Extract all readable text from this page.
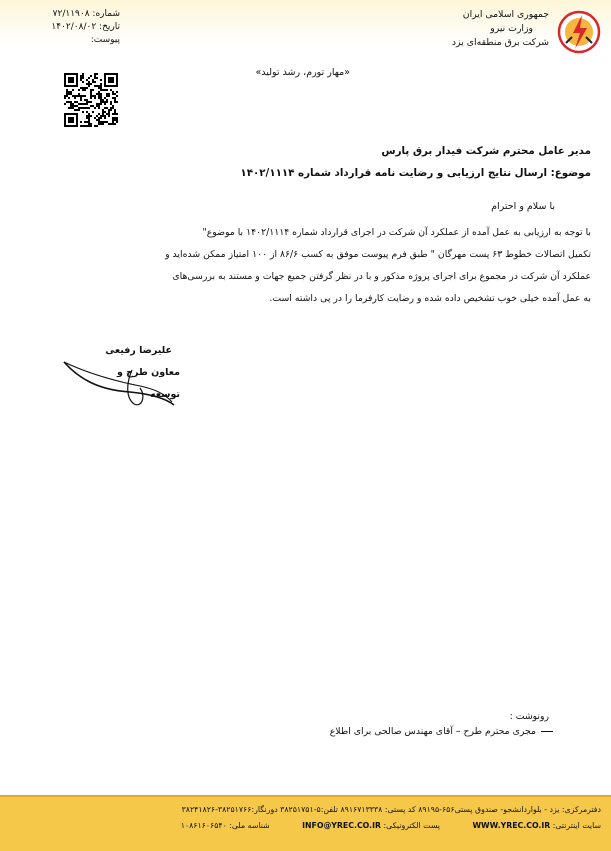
جمهوری اسلامی ایران
وزارت نیرو
شرکت برق منطقه‌ای یزد
شماره: ۷۲/۱۱۹۰۸
تاریخ: ۱۴۰۲/۰۸/۰۲
پیوست:
«مهار تورم، رشد تولید»
مدیر عامل محترم شرکت فیدار برق پارس
موضوع: ارسال نتایج ارزیابی و رضایت نامه قرارداد شماره ۱۴۰۲/۱۱۱۴
با سلام و احترام
با توجه به ارزیابی به عمل آمده از عملکرد آن شرکت در اجرای قرارداد شماره ۱۴۰۲/۱۱۱۴ با موضوع"
تکمیل اتصالات خطوط ۶۳ پست مهرگان " طبق فرم پیوست موفق به کسب ۸۶/۶ از ۱۰۰ امتیاز ممکن شده‌اید و
عملکرد آن شرکت در مجموع برای اجرای پروژه مذکور و با در نظر گرفتن جمیع جهات و مستند به بررسی‌های
به عمل آمده خیلی خوب تشخیص داده شده و رضایت کارفرما را در پی داشته است.
علیرضا رفیعی
معاون طرح و توسعه
رونوشت :
مجری محترم طرح – آقای مهندس صالحی برای اطلاع
دفترمرکزی: یزد - بلواردانشجو- صندوق پستی۶۵۶-۸۹۱۹۵ کد پستی: ۸۹۱۶۷۱۳۳۳۸ تلفن:۵-۳۸۲۵۱۷۵۱ دورنگار:۳۸۲۵۱۷۶۶-۳۸۲۴۱۸۲۶
سایت اینترنتی: WWW.YREC.CO.IR پست الکترونیکی: INFO@YREC.CO.IR شناسه ملی: ۱۰۸۶۱۶۰۶۵۴۰
